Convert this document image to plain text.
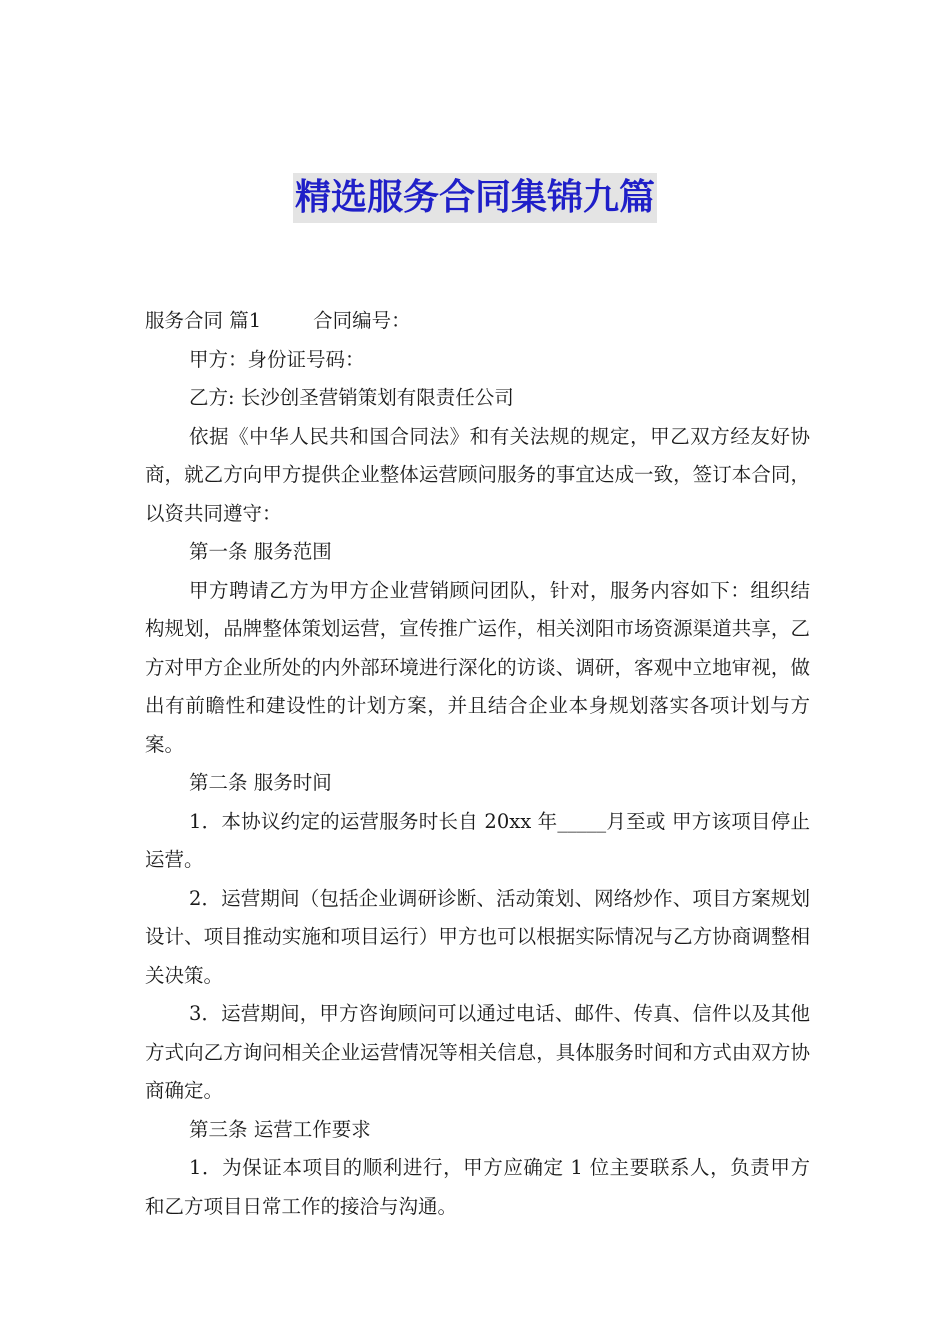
精选服务合同集锦九篇

服务合同 篇1	合同编号：

甲方：身份证号码：

乙方: 长沙创圣营销策划有限责任公司

依据《中华人民共和国合同法》和有关法规的规定，甲乙双方经友好协商，就乙方向甲方提供企业整体运营顾问服务的事宜达成一致，签订本合同，以资共同遵守：

第一条 服务范围

甲方聘请乙方为甲方企业营销顾问团队，针对，服务内容如下：组织结构规划，品牌整体策划运营，宣传推广运作，相关浏阳市场资源渠道共享，乙方对甲方企业所处的内外部环境进行深化的访谈、调研，客观中立地审视，做出有前瞻性和建设性的计划方案，并且结合企业本身规划落实各项计划与方案。

第二条 服务时间

1．本协议约定的运营服务时长自 20xx 年_____月至或 甲方该项目停止运营。

2．运营期间（包括企业调研诊断、活动策划、网络炒作、项目方案规划设计、项目推动实施和项目运行）甲方也可以根据实际情况与乙方协商调整相关决策。

3．运营期间，甲方咨询顾问可以通过电话、邮件、传真、信件以及其他方式向乙方询问相关企业运营情况等相关信息，具体服务时间和方式由双方协商确定。

第三条 运营工作要求

1．为保证本项目的顺利进行，甲方应确定 1 位主要联系人，负责甲方和乙方项目日常工作的接洽与沟通。
